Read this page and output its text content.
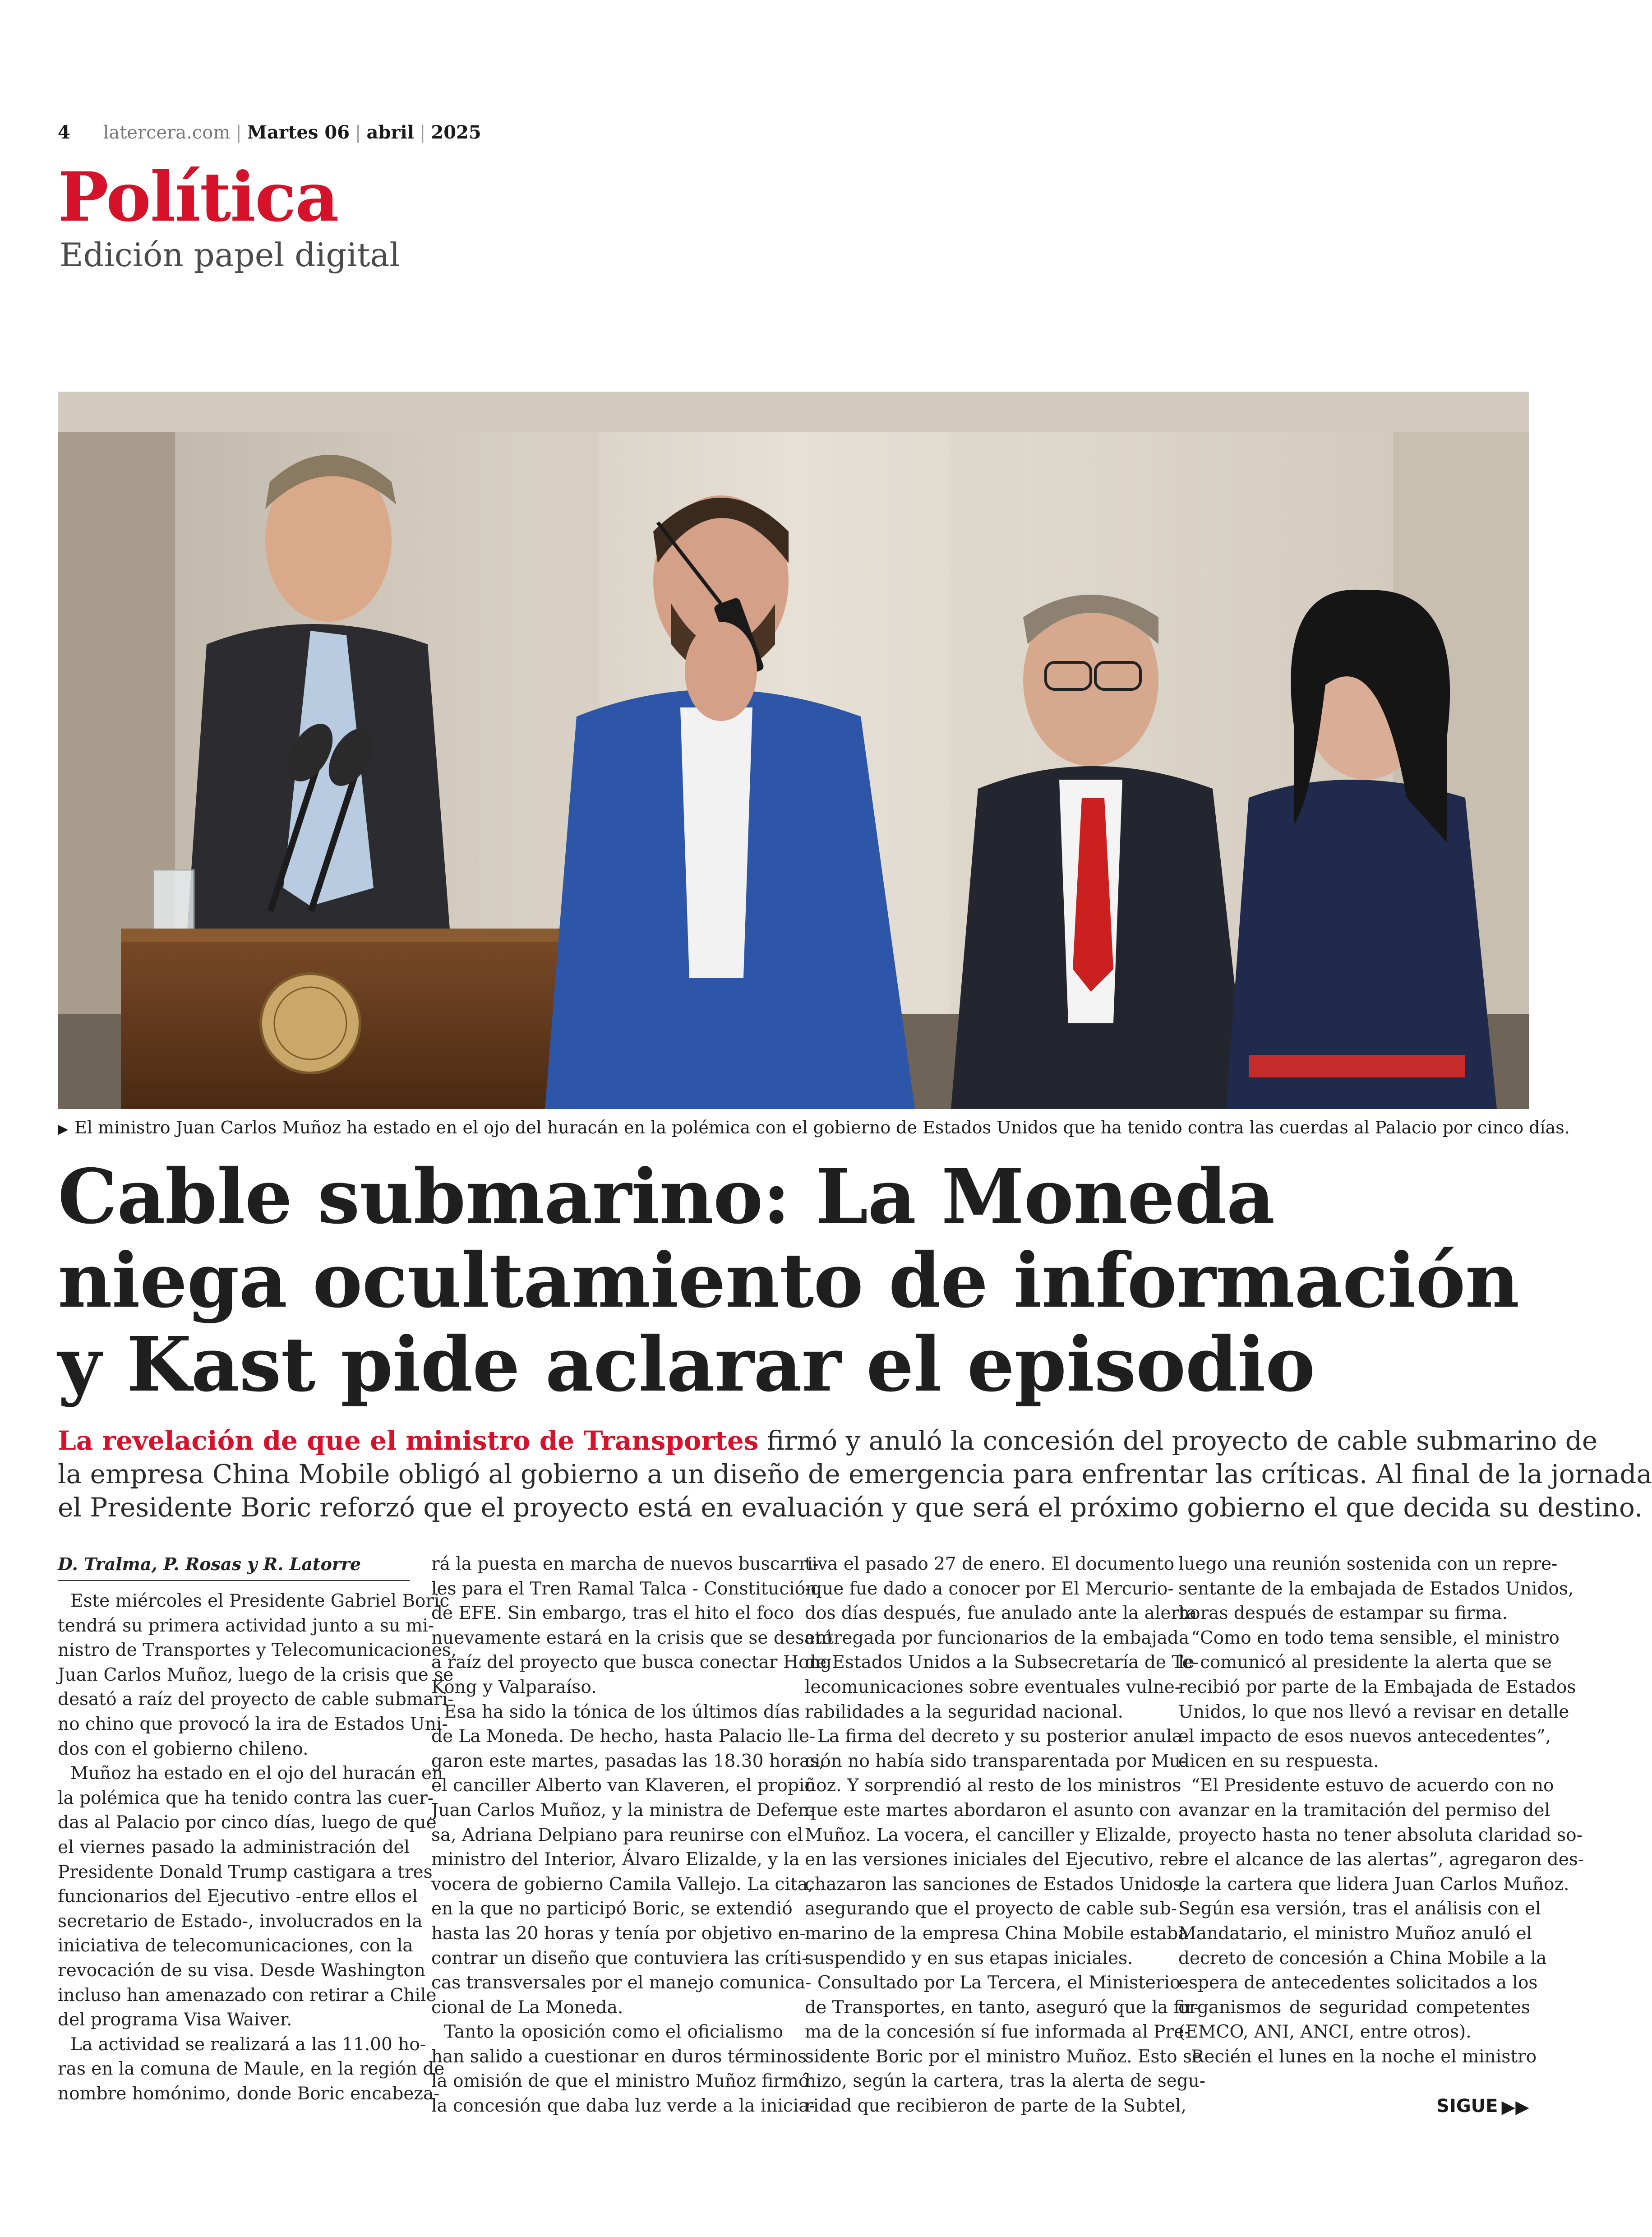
4 latercera.com | Martes 06 | abril | 2025
Política
Edición papel digital
▶ El ministro Juan Carlos Muñoz ha estado en el ojo del huracán en la polémica con el gobierno de Estados Unidos que ha tenido contra las cuerdas al Palacio por cinco días.
Cable submarino: La Moneda
niega ocultamiento de información
y Kast pide aclarar el episodio

La revelación de que el ministro de Transportes firmó y anuló la concesión del proyecto de cable submarino de
la empresa China Mobile obligó al gobierno a un diseño de emergencia para enfrentar las críticas. Al final de la jornada
el Presidente Boric reforzó que el proyecto está en evaluación y que será el próximo gobierno el que decida su destino.

D. Tralma, P. Rosas y R. Latorre
Este miércoles el Presidente Gabriel Boric
tendrá su primera actividad junto a su mi-
nistro de Transportes y Telecomunicaciones,
Juan Carlos Muñoz, luego de la crisis que se
desató a raíz del proyecto de cable submari-
no chino que provocó la ira de Estados Uni-
dos con el gobierno chileno.
Muñoz ha estado en el ojo del huracán en
la polémica que ha tenido contra las cuer-
das al Palacio por cinco días, luego de que
el viernes pasado la administración del
Presidente Donald Trump castigara a tres
funcionarios del Ejecutivo -entre ellos el
secretario de Estado-, involucrados en la
iniciativa de telecomunicaciones, con la
revocación de su visa. Desde Washington
incluso han amenazado con retirar a Chile
del programa Visa Waiver.
La actividad se realizará a las 11.00 ho-
ras en la comuna de Maule, en la región de
nombre homónimo, donde Boric encabeza-
rá la puesta en marcha de nuevos buscarri-
les para el Tren Ramal Talca - Constitución
de EFE. Sin embargo, tras el hito el foco
nuevamente estará en la crisis que se desató
a raíz del proyecto que busca conectar Hong
Kong y Valparaíso.
Esa ha sido la tónica de los últimos días
de La Moneda. De hecho, hasta Palacio lle-
garon este martes, pasadas las 18.30 horas,
el canciller Alberto van Klaveren, el propio
Juan Carlos Muñoz, y la ministra de Defen-
sa, Adriana Delpiano para reunirse con el
ministro del Interior, Álvaro Elizalde, y la
vocera de gobierno Camila Vallejo. La cita,
en la que no participó Boric, se extendió
hasta las 20 horas y tenía por objetivo en-
contrar un diseño que contuviera las críti-
cas transversales por el manejo comunica-
cional de La Moneda.
Tanto la oposición como el oficialismo
han salido a cuestionar en duros términos
la omisión de que el ministro Muñoz firmó
la concesión que daba luz verde a la inicia-
tiva el pasado 27 de enero. El documento
-que fue dado a conocer por El Mercurio-
dos días después, fue anulado ante la alerta
entregada por funcionarios de la embajada
de Estados Unidos a la Subsecretaría de Te-
lecomunicaciones sobre eventuales vulne-
rabilidades a la seguridad nacional.
La firma del decreto y su posterior anula-
ción no había sido transparentada por Mu-
ñoz. Y sorprendió al resto de los ministros
que este martes abordaron el asunto con
Muñoz. La vocera, el canciller y Elizalde,
en las versiones iniciales del Ejecutivo, re-
chazaron las sanciones de Estados Unidos,
asegurando que el proyecto de cable sub-
marino de la empresa China Mobile estaba
suspendido y en sus etapas iniciales.
Consultado por La Tercera, el Ministerio
de Transportes, en tanto, aseguró que la fir-
ma de la concesión sí fue informada al Pre-
sidente Boric por el ministro Muñoz. Esto se
hizo, según la cartera, tras la alerta de segu-
ridad que recibieron de parte de la Subtel,
luego una reunión sostenida con un repre-
sentante de la embajada de Estados Unidos,
horas después de estampar su firma.
“Como en todo tema sensible, el ministro
le comunicó al presidente la alerta que se
recibió por parte de la Embajada de Estados
Unidos, lo que nos llevó a revisar en detalle
el impacto de esos nuevos antecedentes”,
dicen en su respuesta.
“El Presidente estuvo de acuerdo con no
avanzar en la tramitación del permiso del
proyecto hasta no tener absoluta claridad so-
bre el alcance de las alertas”, agregaron des-
de la cartera que lidera Juan Carlos Muñoz.
Según esa versión, tras el análisis con el
Mandatario, el ministro Muñoz anuló el
decreto de concesión a China Mobile a la
espera de antecedentes solicitados a los
organismos de seguridad competentes
(EMCO, ANI, ANCI, entre otros).
Recién el lunes en la noche el ministro
SIGUE ▶▶
